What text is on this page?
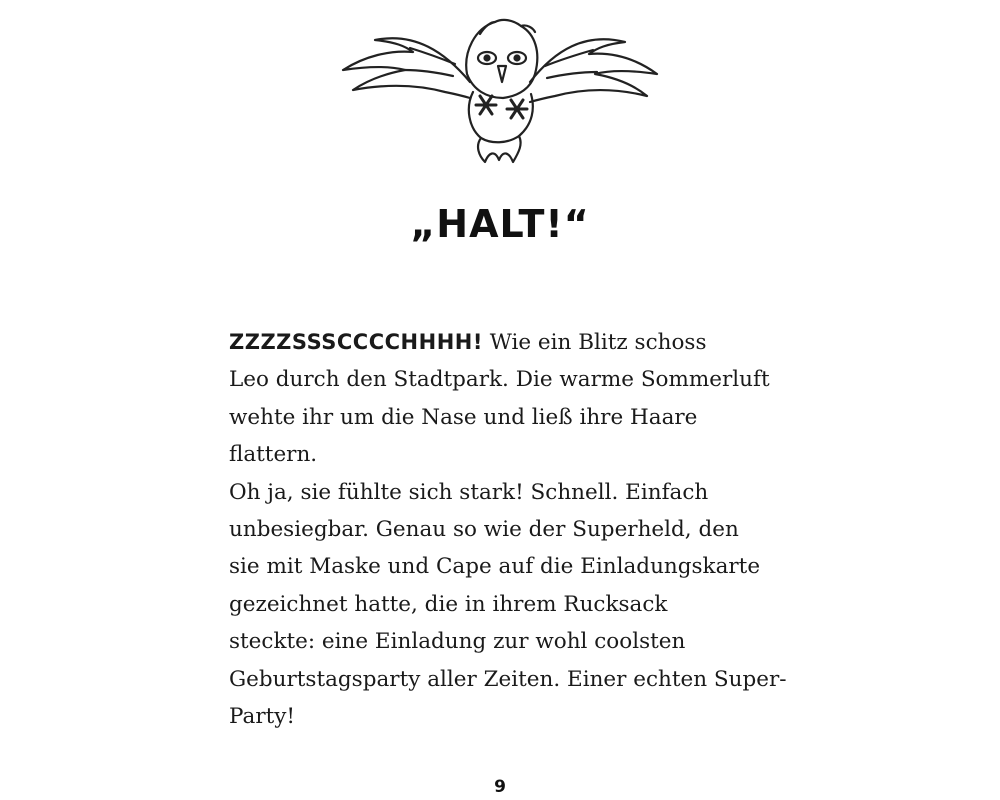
„HALT!“
ZZZZSSSCCCCHHHH! Wie ein Blitz schoss
Leo durch den Stadtpark. Die warme Sommerluft
wehte ihr um die Nase und ließ ihre Haare
flattern.
Oh ja, sie fühlte sich stark! Schnell. Einfach
unbesiegbar. Genau so wie der Superheld, den
sie mit Maske und Cape auf die Einladungskarte
gezeichnet hatte, die in ihrem Rucksack
steckte: eine Einladung zur wohl coolsten
Geburtstagsparty aller Zeiten. Einer echten Super-
Party!
9
